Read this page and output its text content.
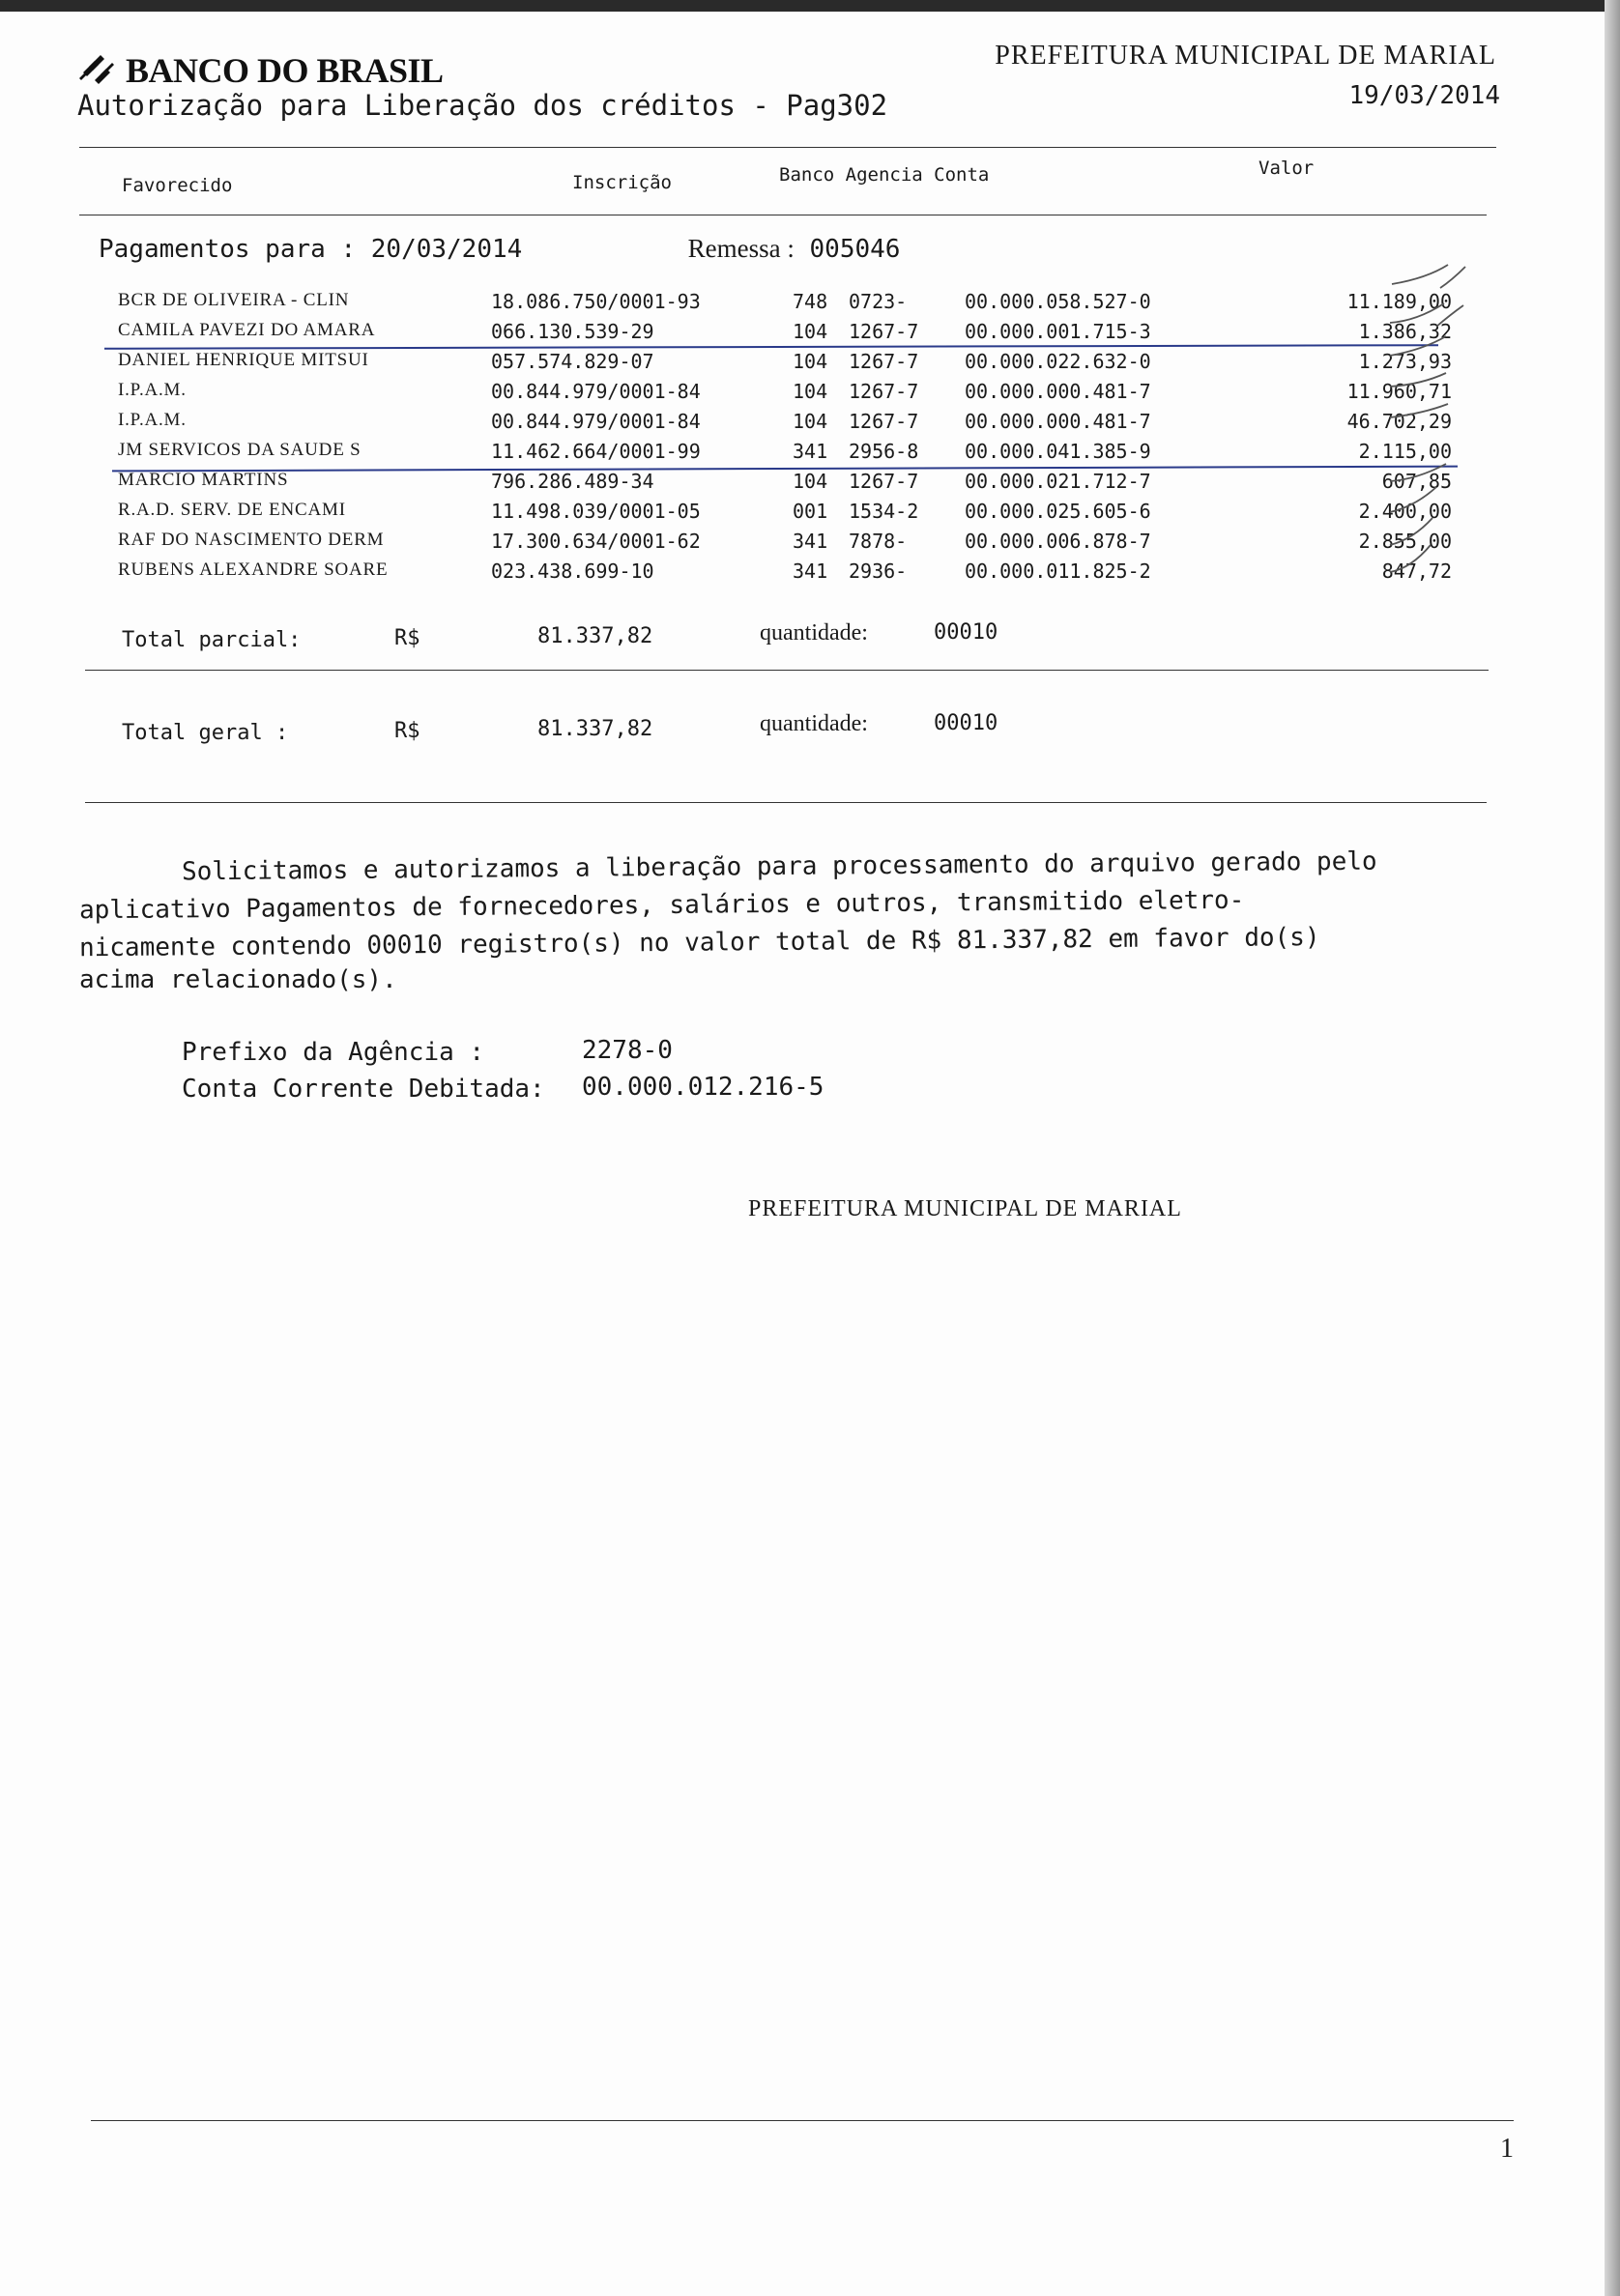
BANCO DO BRASIL
Autorização para Liberação dos créditos - Pag302
PREFEITURA MUNICIPAL DE MARIAL
19/03/2014
Favorecido	Inscrição	Banco Agencia Conta	Valor
Pagamentos para : 20/03/2014	Remessa : 005046
BCR DE OLIVEIRA - CLIN	18.086.750/0001-93	748 0723-	00.000.058.527-0	11.189,00
CAMILA PAVEZI DO AMARA	066.130.539-29	104 1267-7 00.000.001.715-3	1.386,32
DANIEL HENRIQUE MITSUI	057.574.829-07	104 1267-7 00.000.022.632-0	1.273,93
I.P.A.M.	00.844.979/0001-84	104 1267-7 00.000.000.481-7	11.960,71
I.P.A.M.	00.844.979/0001-84	104 1267-7 00.000.000.481-7	46.702,29
JM SERVICOS DA SAUDE S	11.462.664/0001-99	341 2956-8 00.000.041.385-9	2.115,00
MARCIO MARTINS	796.286.489-34	104 1267-7 00.000.021.712-7	607,85
R.A.D. SERV. DE ENCAMI	11.498.039/0001-05	001 1534-2 00.000.025.605-6	2.400,00
RAF DO NASCIMENTO DERM	17.300.634/0001-62	341 7878-	00.000.006.878-7	2.855,00
RUBENS ALEXANDRE SOARE	023.438.699-10	341 2936-	00.000.011.825-2	847,72
Total parcial:	R$	81.337,82	quantidade:	00010
Total geral :	R$	81.337,82	quantidade:	00010
Solicitamos e autorizamos a liberação para processamento do arquivo gerado pelo
aplicativo Pagamentos de fornecedores, salários e outros, transmitido eletro-
nicamente contendo 00010 registro(s) no valor total de R$ 81.337,82 em favor do(s)
acima relacionado(s).
Prefixo da Agência :	2278-0
Conta Corrente Debitada: 00.000.012.216-5
PREFEITURA MUNICIPAL DE MARIAL
1
